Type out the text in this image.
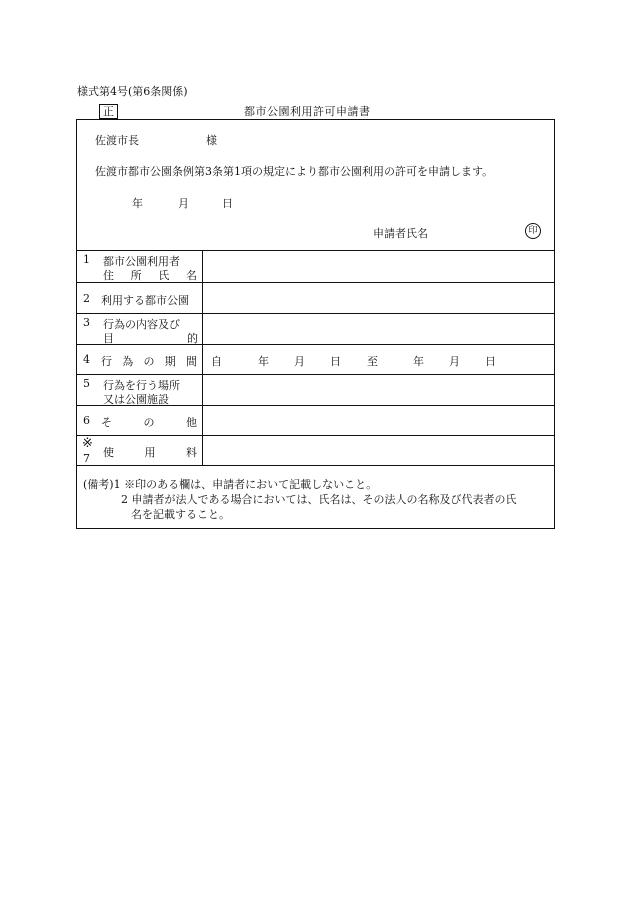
様式第4号(第6条関係)
正	都市公園利用許可申請書
佐渡市長	様
佐渡市都市公園条例第3条第1項の規定により都市公園利用の許可を申請します。
年	月	日
申請者氏名	印
1 都市公園利用者
住 所 氏 名
2 利用する都市公園
3 行為の内容及び
目	的
4 行 為 の 期 間 自	年 月 日 至	年 月 日
5 行為を行う場所
又は公園施設
6 そ	の	他
※
7 使	用	料
(備考)1 ※印のある欄は、申請者において記載しないこと。
2 申請者が法人である場合においては、氏名は、その法人の名称及び代表者の氏
名を記載すること。
